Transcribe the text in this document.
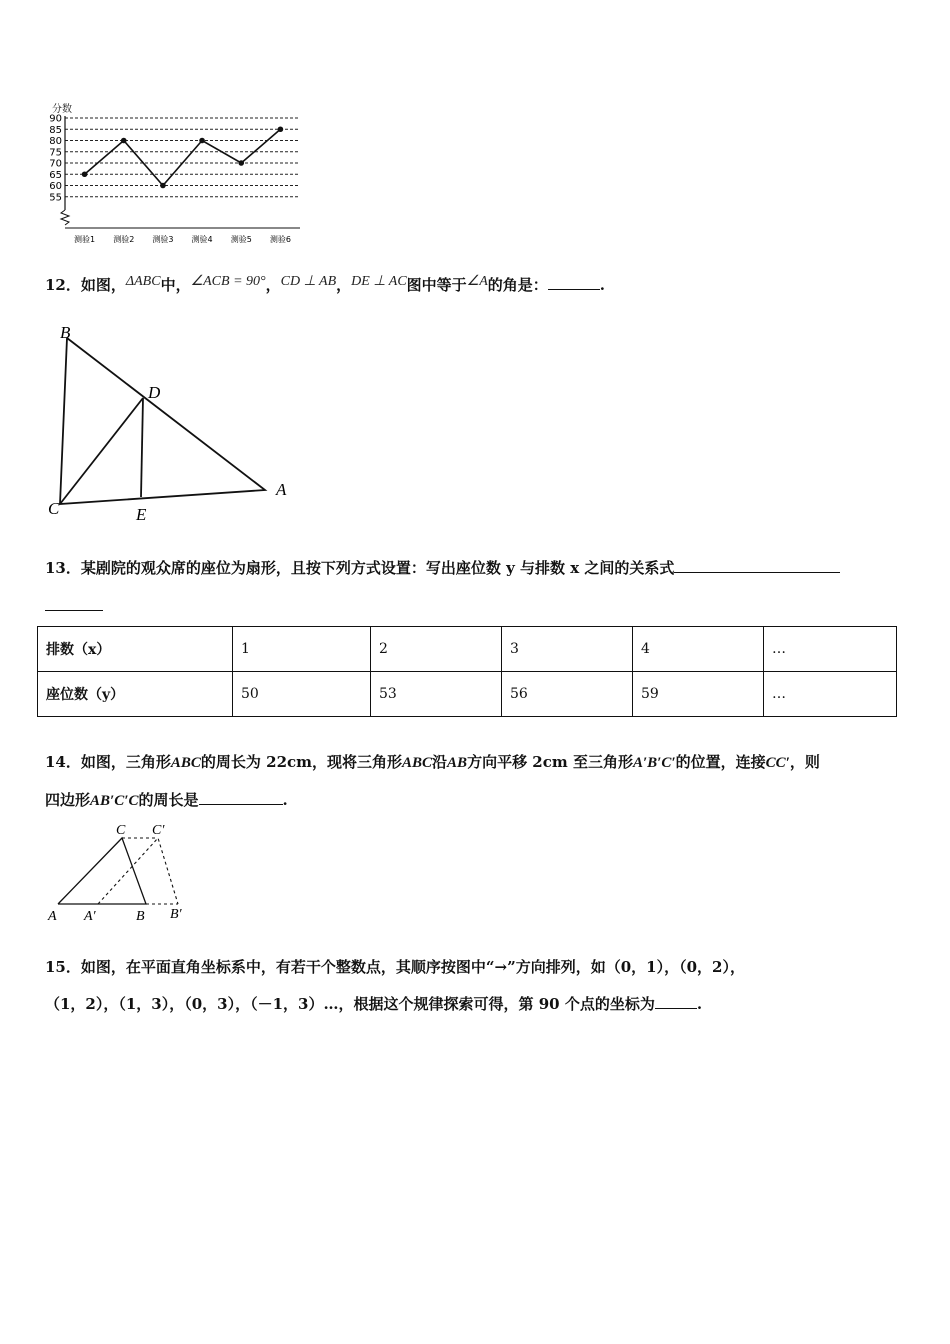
分数
55
60
65
70
75
80
85
90
测验1 测验2 测验3 测验4 测验5 测验6
12．如图，ΔABC中，∠ACB = 90°，CD ⊥ AB，DE ⊥ AC图中等于∠A的角是：	.
B
D
C	E
A
13．某剧院的观众席的座位为扇形，且按下列方式设置：写出座位数 y 与排数 x 之间的关系式
排数（x）	1	2	3	4	…
座位数（y）	50	53	56	59	…
14．如图，三角形ABC的周长为 22cm，现将三角形ABC沿AB方向平移 2cm 至三角形A′B′C′的位置，连接CC′，则
四边形AB′C′C的周长是	.
C C′
A A′	B B′
15．如图，在平面直角坐标系中，有若干个整数点，其顺序按图中“→”方向排列，如（0，1），（0，2），
（1，2），（1，3），（0，3），（－1，3）…，根据这个规律探索可得，第 90 个点的坐标为	.
